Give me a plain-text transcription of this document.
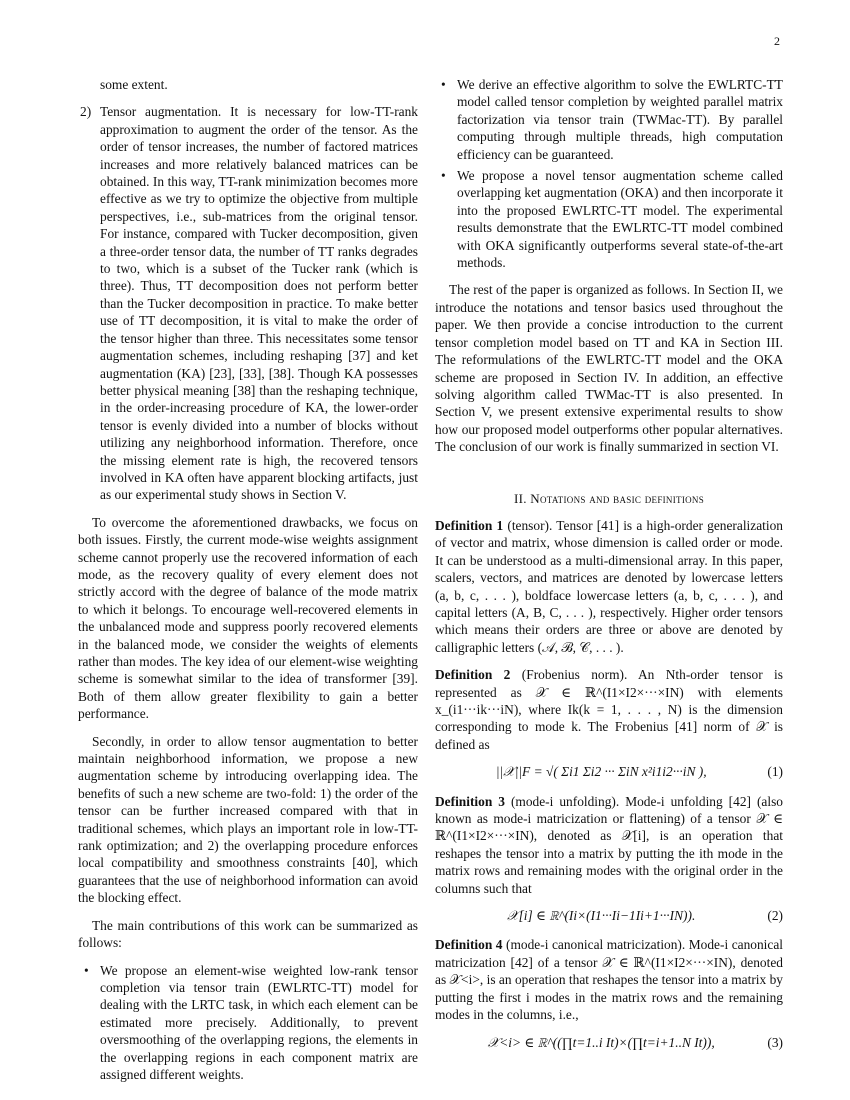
2

some extent.

2) Tensor augmentation. It is necessary for low-TT-rank approximation to augment the order of the tensor. As the order of tensor increases, the number of factored matrices increases and more relatively balanced matrices can be obtained. In this way, TT-rank minimization becomes more effective as we try to optimize the objective from multiple perspectives, i.e., sub-matrices from the original tensor. For instance, compared with Tucker decomposition, given a three-order tensor data, the number of TT ranks degrades to two, which is a subset of the Tucker rank (which is three). Thus, TT decomposition does not perform better than the Tucker decomposition in practice. To make better use of TT decomposition, it is vital to make the order of the tensor higher than three. This necessitates some tensor augmentation schemes, including reshaping [37] and ket augmentation (KA) [23], [33], [38]. Though KA possesses better physical meaning [38] than the reshaping technique, in the order-increasing procedure of KA, the lower-order tensor is evenly divided into a number of blocks without utilizing any neighborhood information. Therefore, once the missing element rate is high, the recovered tensors involved in KA often have apparent blocking artifacts, just as our experimental study shows in Section V.

To overcome the aforementioned drawbacks, we focus on both issues. Firstly, the current mode-wise weights assignment scheme cannot properly use the recovered information of each mode, as the recovery quality of every element does not strictly accord with the degree of balance of the mode matrix to which it belongs. To encourage well-recovered elements in the unbalanced mode and suppress poorly recovered elements in the balanced mode, we consider the weights of elements rather than modes. The key idea of our element-wise weighting scheme is somewhat similar to the idea of transformer [39]. Both of them allow greater flexibility to gain a better performance.

Secondly, in order to allow tensor augmentation to better maintain neighborhood information, we propose a new augmentation scheme by introducing overlapping idea. The benefits of such a new scheme are two-fold: 1) the order of the tensor can be further increased compared with that in traditional schemes, which plays an important role in low-TT-rank optimization; and 2) the overlapping procedure enforces local compatibility and smoothness constraints [40], which guarantees that the use of neighborhood information can avoid the blocking effect.

The main contributions of this work can be summarized as follows:

• We propose an element-wise weighted low-rank tensor completion via tensor train (EWLRTC-TT) model for dealing with the LRTC task, in which each element can be estimated more precisely. Additionally, to prevent oversmoothing of the overlapping regions, the elements in the overlapping regions in each component matrix are assigned different weights.
• We derive an effective algorithm to solve the EWLRTC-TT model called tensor completion by weighted parallel matrix factorization via tensor train (TWMac-TT). By parallel computing through multiple threads, high computation efficiency can be guaranteed.
• We propose a novel tensor augmentation scheme called overlapping ket augmentation (OKA) and then incorporate it into the proposed EWLRTC-TT model. The experimental results demonstrate that the EWLRTC-TT model combined with OKA significantly outperforms several state-of-the-art methods.

The rest of the paper is organized as follows. In Section II, we introduce the notations and tensor basics used throughout the paper. We then provide a concise introduction to the current tensor completion model based on TT and KA in Section III. The reformulations of the EWLRTC-TT model and the OKA scheme are proposed in Section IV. In addition, an effective solving algorithm called TWMac-TT is also presented. In Section V, we present extensive experimental results to show how our proposed model outperforms other popular alternatives. The conclusion of our work is finally summarized in section VI.

II. Notations and basic definitions

Definition 1 (tensor). Tensor [41] is a high-order generalization of vector and matrix, whose dimension is called order or mode. It can be understood as a multi-dimensional array. In this paper, scalers, vectors, and matrices are denoted by lowercase letters (a, b, c, . . . ), boldface lowercase letters (a, b, c, . . . ), and capital letters (A, B, C, . . . ), respectively. Higher order tensors which means their orders are three or above are denoted by calligraphic letters (𝒜, ℬ, 𝒞, . . . ).

Definition 2 (Frobenius norm). An Nth-order tensor is represented as 𝒳 ∈ ℝ^(I1×I2×···×IN) with elements x_(i1···ik···iN), where Ik(k = 1, . . . , N) is the dimension corresponding to mode k. The Frobenius [41] norm of 𝒳 is defined as

||𝒳||F = √( Σi1 Σi2 ··· ΣiN x²i1i2···iN ),	(1)

Definition 3 (mode-i unfolding). Mode-i unfolding [42] (also known as mode-i matricization or flattening) of a tensor 𝒳 ∈ ℝ^(I1×I2×···×IN), denoted as 𝒳[i], is an operation that reshapes the tensor into a matrix by putting the ith mode in the matrix rows and remaining modes with the original order in the columns such that

𝒳[i] ∈ ℝ^(Ii×(I1···Ii−1Ii+1···IN)).	(2)

Definition 4 (mode-i canonical matricization). Mode-i canonical matricization [42] of a tensor 𝒳 ∈ ℝ^(I1×I2×···×IN), denoted as 𝒳<i>, is an operation that reshapes the tensor into a matrix by putting the first i modes in the matrix rows and the remaining modes in the columns, i.e.,

𝒳<i> ∈ ℝ^((∏t=1..i It)×(∏t=i+1..N It)),	(3)
